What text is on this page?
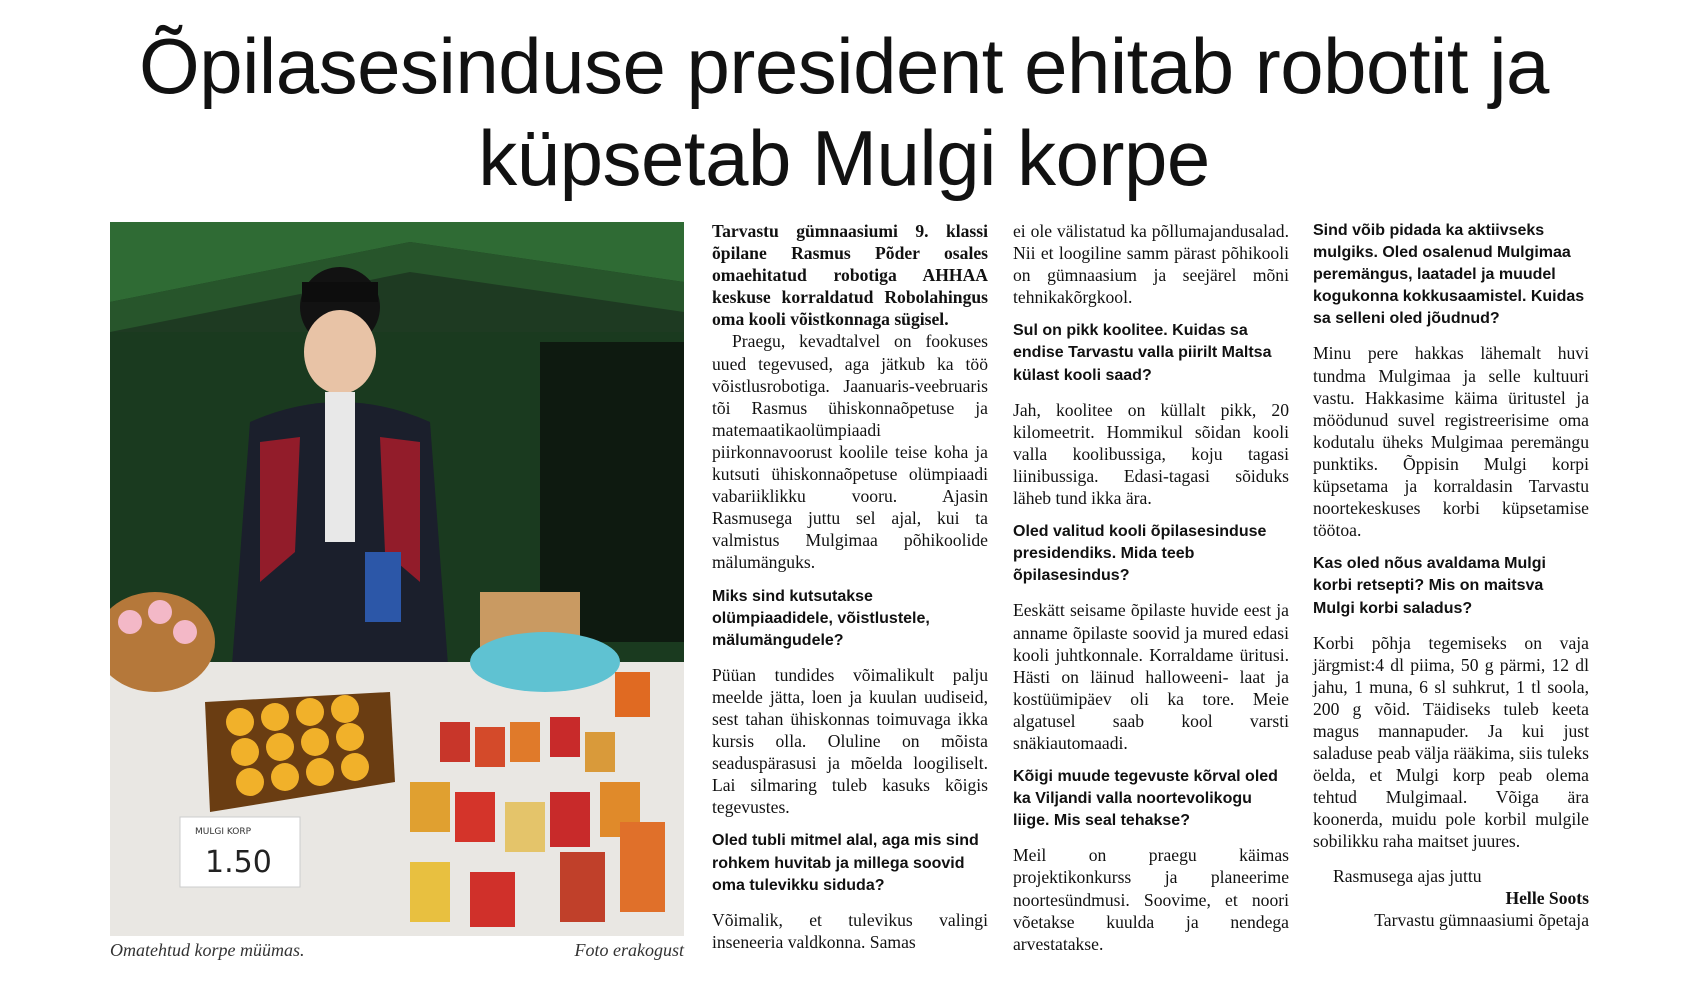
Õpilasesinduse president ehitab robotit ja
küpsetab Mulgi korpe
MULGI KORP
1.50
Omatehtud korpe müümas.	Foto erakogust

Tarvastu gümnaasiumi 9. klassi õpilane Rasmus Põder osales omaehitatud robotiga AHHAA keskuse korraldatud Robolahingus oma kooli võistkonnaga sügisel.

Praegu, kevadtalvel on fookuses uued tegevused, aga jätkub ka töö võistlusrobotiga. Jaanuaris-veebruaris tõi Rasmus ühiskonnaõpetuse ja matemaatikaolümpiaadi piirkonnavoorust koolile teise koha ja kutsuti ühiskonnaõpetuse olümpiaadi vabariiklikku vooru. Ajasin Rasmusega juttu sel ajal, kui ta valmistus Mulgimaa põhikoolide mälumänguks.

Miks sind kutsutakse olümpiaadidele, võistlustele, mälumängudele?

Püüan tundides võimalikult palju meelde jätta, loen ja kuulan uudiseid, sest tahan ühiskonnas toimuvaga ikka kursis olla. Oluline on mõista seaduspärasusi ja mõelda loogiliselt. Lai silmaring tuleb kasuks kõigis tegevustes.

Oled tubli mitmel alal, aga mis sind rohkem huvitab ja millega soovid oma tulevikku siduda?

Võimalik, et tulevikus valingi inseneeria valdkonna. Samas

ei ole välistatud ka põllumajandusalad. Nii et loogiline samm pärast põhikooli on gümnaasium ja seejärel mõni tehnikakõrgkool.

Sul on pikk koolitee. Kuidas sa endise Tarvastu valla piirilt Maltsa külast kooli saad?

Jah, koolitee on küllalt pikk, 20 kilomeetrit. Hommikul sõidan kooli valla koolibussiga, koju tagasi liinibussiga. Edasi-tagasi sõiduks läheb tund ikka ära.

Oled valitud kooli õpilasesinduse presidendiks. Mida teeb õpilasesindus?

Eeskätt seisame õpilaste huvide eest ja anname õpilaste soovid ja mured edasi kooli juhtkonnale. Korraldame üritusi. Hästi on läinud halloweeni- laat ja kostüümipäev oli ka tore. Meie algatusel saab kool varsti snäkiautomaadi.

Kõigi muude tegevuste kõrval oled ka Viljandi valla noortevolikogu liige. Mis seal tehakse?

Meil on praegu käimas projektikonkurss ja planeerime noortesündmusi. Soovime, et noori võetakse kuulda ja nendega arvestatakse.

Sind võib pidada ka aktiivseks mulgiks. Oled osalenud Mulgimaa peremängus, laatadel ja muudel kogukonna kokkusaamistel. Kuidas sa selleni oled jõudnud?

Minu pere hakkas lähemalt huvi tundma Mulgimaa ja selle kultuuri vastu. Hakkasime käima üritustel ja möödunud suvel registreerisime oma kodutalu üheks Mulgimaa peremängu punktiks. Õppisin Mulgi korpi küpsetama ja korraldasin Tarvastu noortekeskuses korbi küpsetamise töötoa.

Kas oled nõus avaldama Mulgi korbi retsepti? Mis on maitsva Mulgi korbi saladus?

Korbi põhja tegemiseks on vaja järgmist:4 dl piima, 50 g pärmi, 12 dl jahu, 1 muna, 6 sl suhkrut, 1 tl soola, 200 g võid. Täidiseks tuleb keeta magus mannapuder. Ja kui just saladuse peab välja rääkima, siis tuleks öelda, et Mulgi korp peab olema tehtud Mulgimaal. Võiga ära koonerda, muidu pole korbil mulgile sobilikku raha maitset juures.

Rasmusega ajas juttu

Helle Soots

Tarvastu gümnaasiumi õpetaja
